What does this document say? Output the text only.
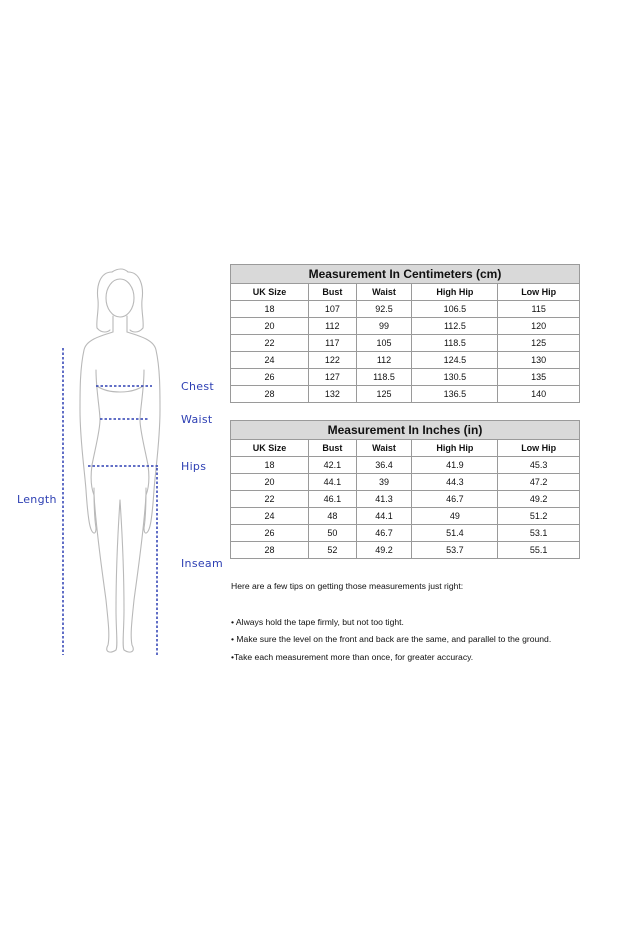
Chest
Waist
Hips
Length
Inseam
Measurement In Centimeters (cm)				
UK Size	Bust	Waist	High Hip	Low Hip
18	107	92.5	106.5	115
20	112	99	112.5	120
22	117	105	118.5	125
24	122	112	124.5	130
26	127	118.5	130.5	135
28	132	125	136.5	140
Measurement In Inches (in)				
UK Size	Bust	Waist	High Hip	Low Hip
18	42.1	36.4	41.9	45.3
20	44.1	39	44.3	47.2
22	46.1	41.3	46.7	49.2
24	48	44.1	49	51.2
26	50	46.7	51.4	53.1
28	52	49.2	53.7	55.1
Here are a few tips on getting those measurements just right:
• Always hold the tape firmly, but not too tight.
• Make sure the level on the front and back are the same, and parallel to the ground.
•Take each measurement more than once, for greater accuracy.
